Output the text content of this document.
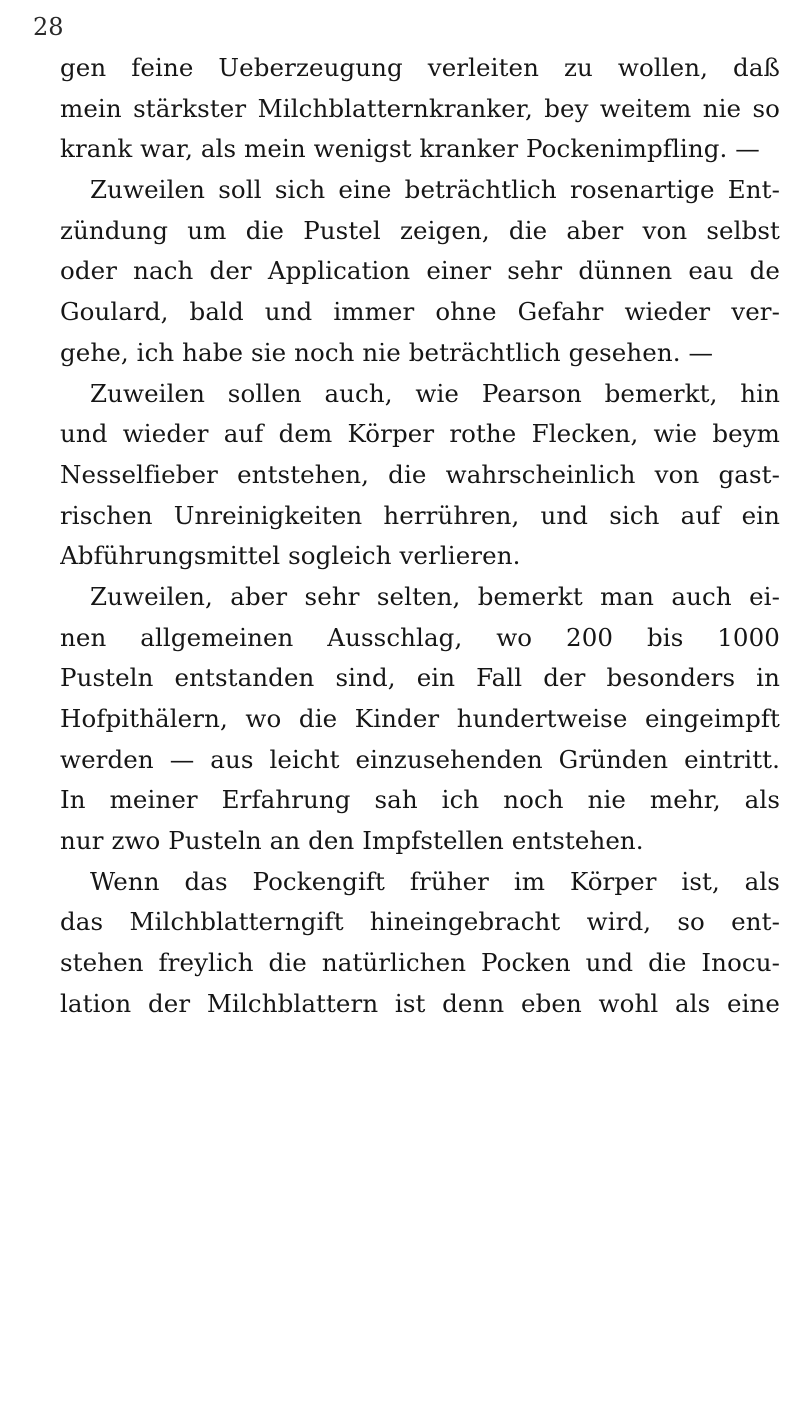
28
gen feine Ueberzeugung verleiten zu wollen, daß
mein stärkster Milchblatternkranker, bey weitem nie so
krank war, als mein wenigst kranker Pockenimpfling. —
Zuweilen soll sich eine beträchtlich rosenartige Ent-
zündung um die Pustel zeigen, die aber von selbst
oder nach der Application einer sehr dünnen eau de
Goulard, bald und immer ohne Gefahr wieder ver-
gehe, ich habe sie noch nie beträchtlich gesehen. —
Zuweilen sollen auch, wie Pearson bemerkt, hin
und wieder auf dem Körper rothe Flecken, wie beym
Nesselfieber entstehen, die wahrscheinlich von gast-
rischen Unreinigkeiten herrühren, und sich auf ein
Abführungsmittel sogleich verlieren.
Zuweilen, aber sehr selten, bemerkt man auch ei-
nen allgemeinen Ausschlag, wo 200 bis 1000
Pusteln entstanden sind, ein Fall der besonders in
Hofpithälern, wo die Kinder hundertweise eingeimpft
werden — aus leicht einzusehenden Gründen eintritt.
In meiner Erfahrung sah ich noch nie mehr, als
nur zwo Pusteln an den Impfstellen entstehen.
Wenn das Pockengift früher im Körper ist, als
das Milchblatterngift hineingebracht wird, so ent-
stehen freylich die natürlichen Pocken und die Inocu-
lation der Milchblattern ist denn eben wohl als eine
